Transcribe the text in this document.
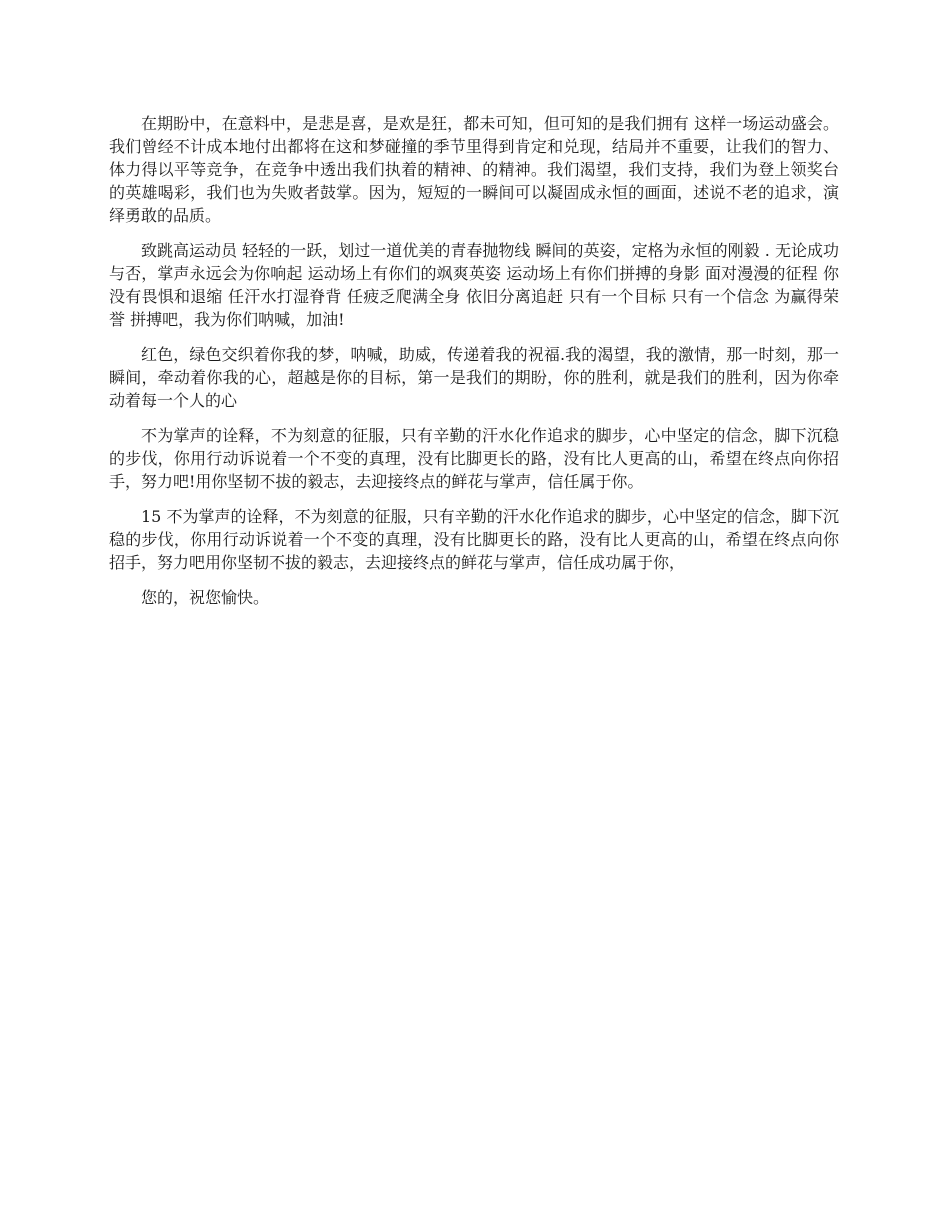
在期盼中，在意料中，是悲是喜，是欢是狂，都未可知，但可知的是我们拥有 这样一场运动盛会。我们曾经不计成本地付出都将在这和梦碰撞的季节里得到肯定和兑现，结局并不重要，让我们的智力、体力得以平等竞争，在竞争中透出我们执着的精神、的精神。我们渴望，我们支持，我们为登上领奖台的英雄喝彩，我们也为失败者鼓掌。因为，短短的一瞬间可以凝固成永恒的画面，述说不老的追求，演绎勇敢的品质。

致跳高运动员 轻轻的一跃，划过一道优美的青春抛物线 瞬间的英姿，定格为永恒的刚毅 . 无论成功与否，掌声永远会为你响起 运动场上有你们的飒爽英姿 运动场上有你们拼搏的身影 面对漫漫的征程 你没有畏惧和退缩 任汗水打湿脊背 任疲乏爬满全身 依旧分离追赶 只有一个目标 只有一个信念 为赢得荣誉 拼搏吧，我为你们呐喊，加油!

红色，绿色交织着你我的梦，呐喊，助威，传递着我的祝福.我的渴望，我的激情，那一时刻，那一瞬间，牵动着你我的心，超越是你的目标，第一是我们的期盼，你的胜利，就是我们的胜利，因为你牵动着每一个人的心

不为掌声的诠释，不为刻意的征服，只有辛勤的汗水化作追求的脚步，心中坚定的信念，脚下沉稳的步伐，你用行动诉说着一个不变的真理，没有比脚更长的路，没有比人更高的山，希望在终点向你招手，努力吧!用你坚韧不拔的毅志，去迎接终点的鲜花与掌声，信任属于你。

15 不为掌声的诠释，不为刻意的征服，只有辛勤的汗水化作追求的脚步，心中坚定的信念，脚下沉稳的步伐，你用行动诉说着一个不变的真理，没有比脚更长的路，没有比人更高的山，希望在终点向你招手，努力吧用你坚韧不拔的毅志，去迎接终点的鲜花与掌声，信任成功属于你，

您的，祝您愉快。
